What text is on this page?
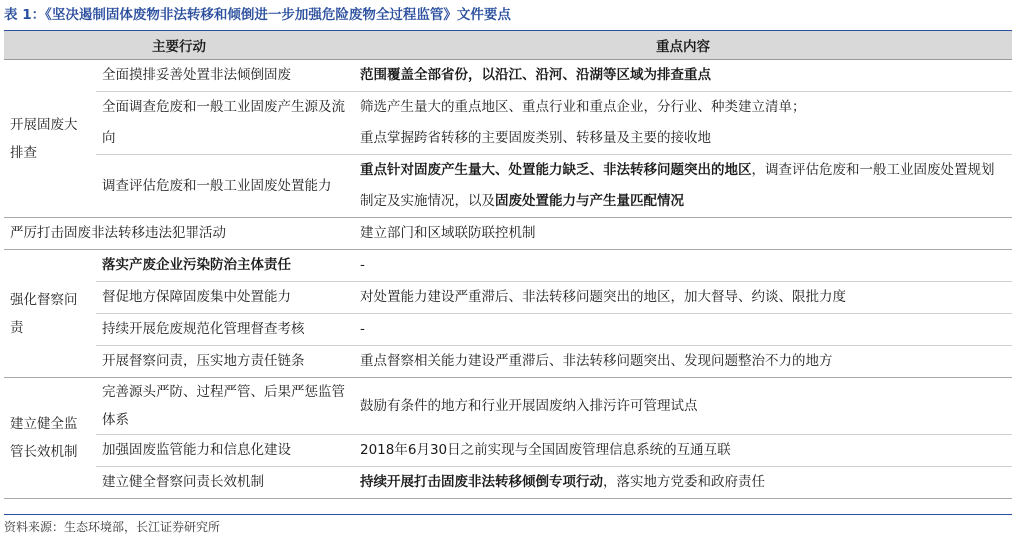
表 1：《坚决遏制固体废物非法转移和倾倒进一步加强危险废物全过程监管》文件要点
主要行动		重点内容
开展固废大排查	全面摸排妥善处置非法倾倒固废	范围覆盖全部省份，以沿江、沿河、沿湖等区域为排查重点
	全面调查危废和一般工业固废产生源及流向	筛选产生量大的重点地区、重点行业和重点企业，分行业、种类建立清单；
重点掌握跨省转移的主要固废类别、转移量及主要的接收地

	调查评估危废和一般工业固废处置能力	重点针对固废产生量大、处置能力缺乏、非法转移问题突出的地区，调查评估危废和一般工业固废处置规划制定及实施情况，以及固废处置能力与产生量匹配情况
严厉打击固废非法转移违法犯罪活动		建立部门和区域联防联控机制
强化督察问责	落实产废企业污染防治主体责任	-
	督促地方保障固废集中处置能力	对处置能力建设严重滞后、非法转移问题突出的地区，加大督导、约谈、限批力度
	持续开展危废规范化管理督查考核	-
	开展督察问责，压实地方责任链条	重点督察相关能力建设严重滞后、非法转移问题突出、发现问题整治不力的地方
建立健全监管长效机制	完善源头严防、过程严管、后果严惩监管体系	鼓励有条件的地方和行业开展固废纳入排污许可管理试点
	加强固废监管能力和信息化建设	2018年6月30日之前实现与全国固废管理信息系统的互通互联
	建立健全督察问责长效机制	持续开展打击固废非法转移倾倒专项行动，落实地方党委和政府责任
资料来源：生态环境部，长江证券研究所
